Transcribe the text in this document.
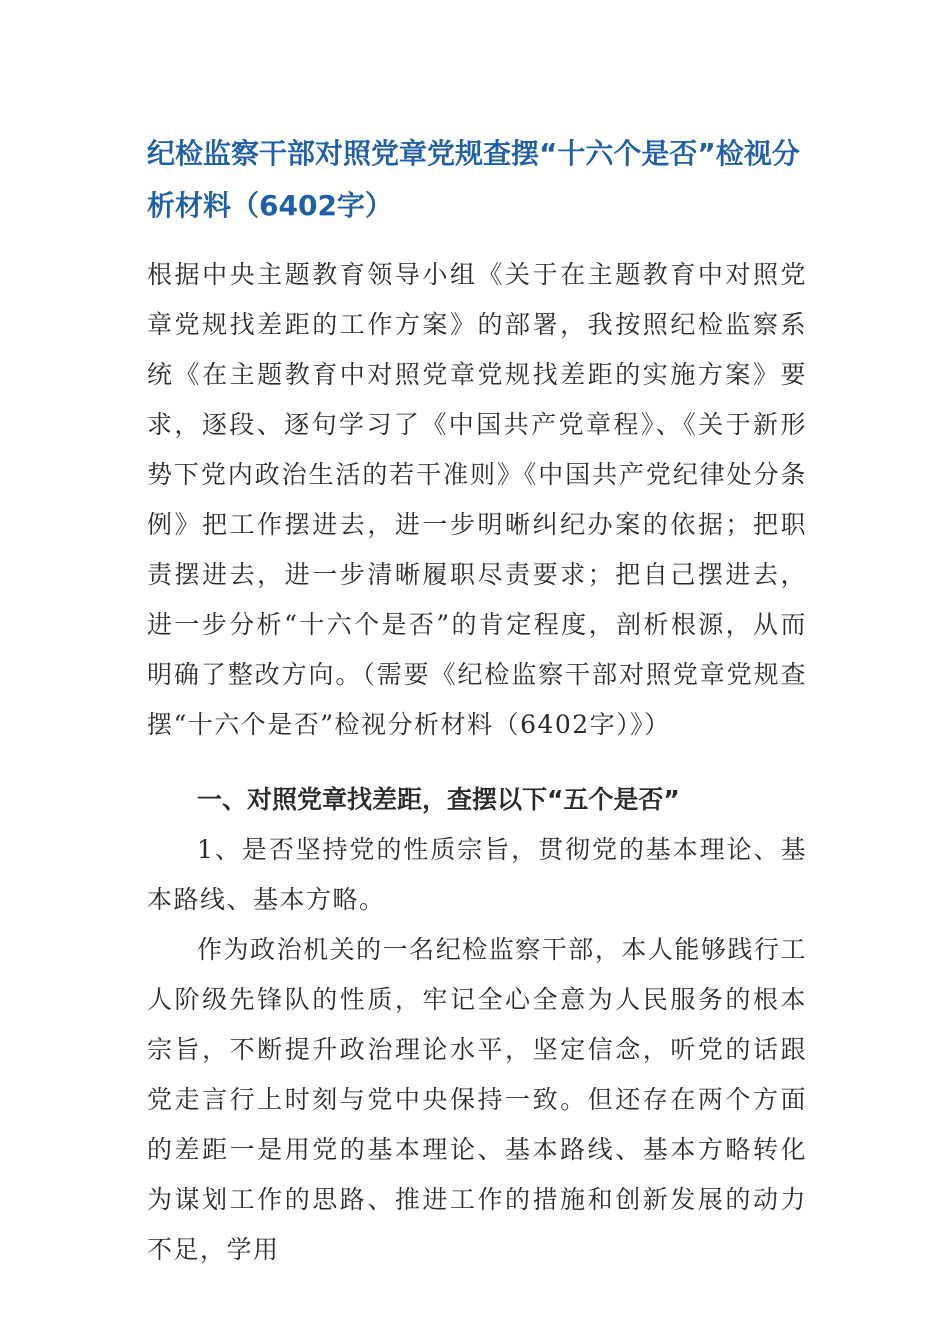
纪检监察干部对照党章党规查摆“十六个是否”检视分析材料（6402字）

根据中央主题教育领导小组《关于在主题教育中对照党章党规找差距的工作方案》的部署，我按照纪检监察系统《在主题教育中对照党章党规找差距的实施方案》要求，逐段、逐句学习了《中国共产党章程》、《关于新形势下党内政治生活的若干准则》《中国共产党纪律处分条例》把工作摆进去，进一步明晰纠纪办案的依据；把职责摆进去，进一步清晰履职尽责要求；把自己摆进去，进一步分析“十六个是否”的肯定程度，剖析根源，从而明确了整改方向。（需要《纪检监察干部对照党章党规查摆“十六个是否”检视分析材料（6402字）》）

一、对照党章找差距，查摆以下“五个是否”

1、是否坚持党的性质宗旨，贯彻党的基本理论、基本路线、基本方略。

作为政治机关的一名纪检监察干部，本人能够践行工人阶级先锋队的性质，牢记全心全意为人民服务的根本宗旨，不断提升政治理论水平，坚定信念，听党的话跟党走言行上时刻与党中央保持一致。但还存在两个方面的差距一是用党的基本理论、基本路线、基本方略转化为谋划工作的思路、推进工作的措施和创新发展的动力不足，学用
